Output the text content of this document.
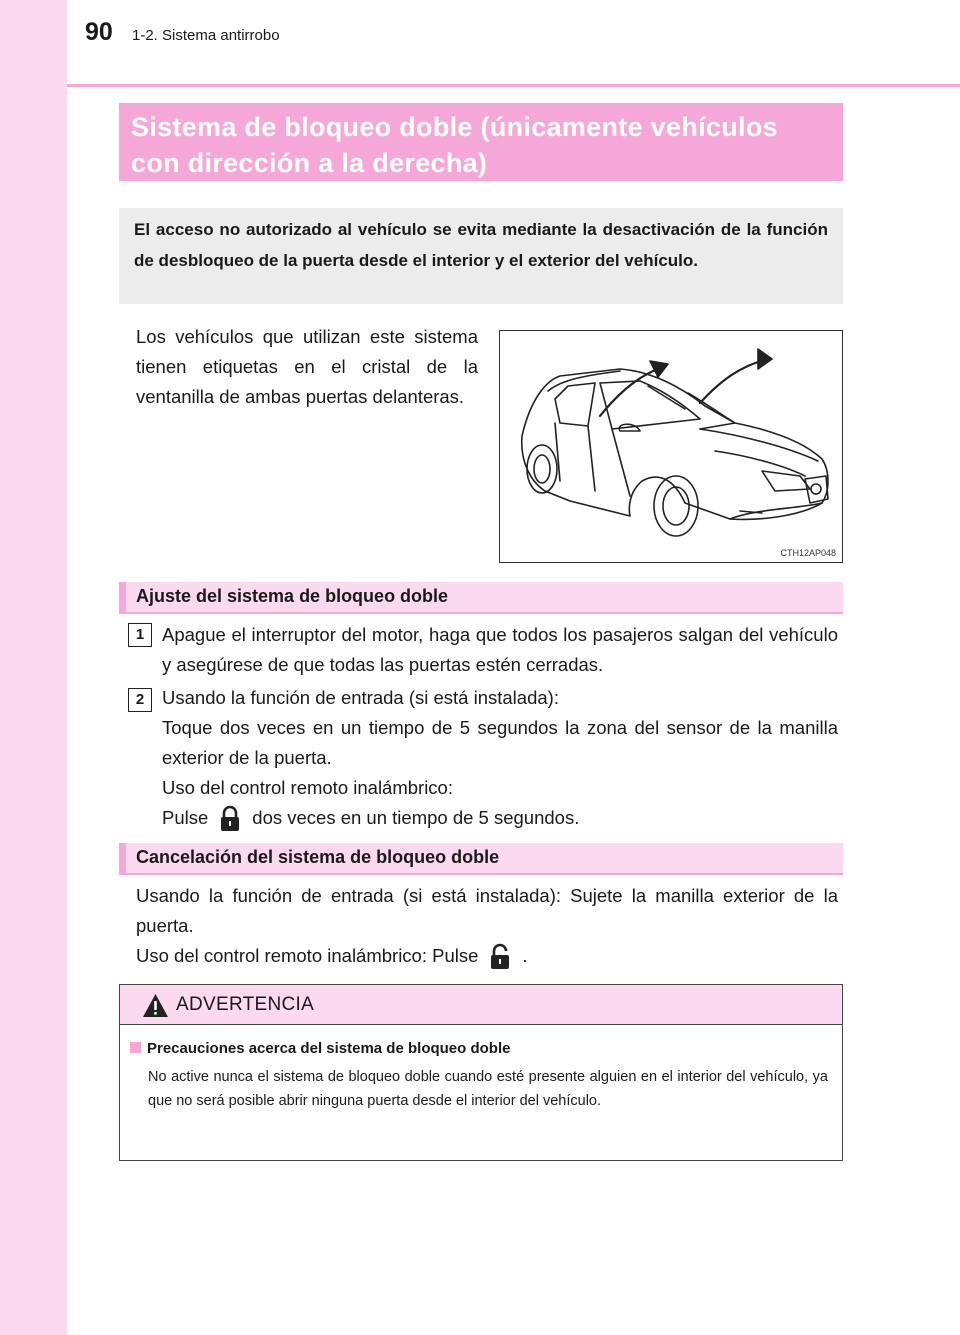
90 1-2. Sistema antirrobo
Sistema de bloqueo doble (únicamente vehículos
con dirección a la derecha)
El acceso no autorizado al vehículo se evita mediante la desactivación de la función de desbloqueo de la puerta desde el interior y el exterior del vehículo.
Los vehículos que utilizan este sistema tienen etiquetas en el cristal de la ventanilla de ambas puertas delanteras.
CTH12AP048
Ajuste del sistema de bloqueo doble
1 Apague el interruptor del motor, haga que todos los pasajeros salgan del vehículo y asegúrese de que todas las puertas estén cerradas.
2 Usando la función de entrada (si está instalada):
Toque dos veces en un tiempo de 5 segundos la zona del sensor de la manilla exterior de la puerta.
Uso del control remoto inalámbrico:
Pulse dos veces en un tiempo de 5 segundos.
Cancelación del sistema de bloqueo doble
Usando la función de entrada (si está instalada): Sujete la manilla exterior de la puerta.
Uso del control remoto inalámbrico: Pulse .
ADVERTENCIA
Precauciones acerca del sistema de bloqueo doble
No active nunca el sistema de bloqueo doble cuando esté presente alguien en el interior del vehículo, ya que no será posible abrir ninguna puerta desde el interior del vehículo.
